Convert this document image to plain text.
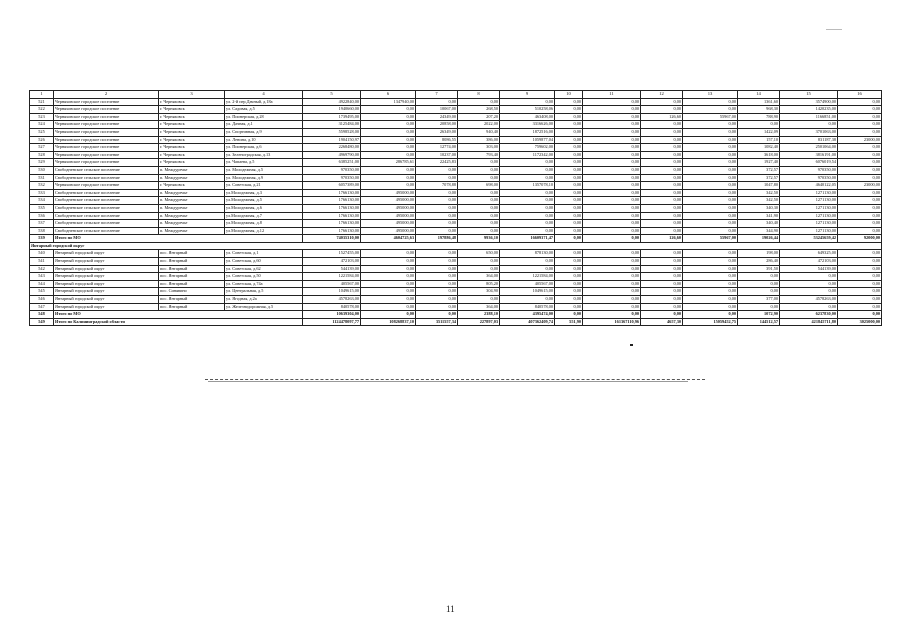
1	2	3	4	5	6	7	8	9	10	11	12	13	14	15	16
521	Черняховское городское поселение	г. Черняховск	ул. 2-й пер.Дачный, д.18а	4922840,00	1347940,00	0,00	0,00	0,00	0,00	0,00	0,00	0,00	1361,60	3574900,00	0,00
522	Черняховское городское поселение	г. Черняховск	ул. Садовая, д.5	1940660,00	0,00	10067,00	268,50	510258,06	0,00	0,00	0,00	0,00	968,30	1420235,00	0,00
523	Черняховское городское поселение	г. Черняховск	ул. Пионерская, д.28	1739495,00	0,00	24349,00	207,20	463408,00	0,00	0,00	126,60	55967,00	788,90	1166851,00	0,00
524	Черняховское городское поселение	г. Черняховск	ул. Дачная, д.1	3125484,00	0,00	20858,00	2022,00	3316626,00	0,00	0,00	0,00	0,00	0,00	0,00	0,00
525	Черняховское городское поселение	г. Черняховск	ул. Спортивная, д.9	5598528,00	0,00	26349,00	940,40	1872516,00	0,00	0,00	0,00	0,00	1422,09	3701063,00	0,00
526	Черняховское городское поселение	г. Черняховск	ул. Ленина, д.10	1904150,97	0,00	8086,55	386,00	1059877,04	0,00	0,00	0,00	0,00	157,10	831187,38	23000,00
527	Черняховское городское поселение	г. Черняховск	ул. Пионерская, д.6	2268480,00	0,00	12774,00	303,00	759602,00	0,00	0,00	0,00	0,00	1082,40	2501064,00	0,00
528	Черняховское городское поселение	г. Черняховск	ул. Зеленоградская, д.13	4969790,00	0,00	10237,00	793,40	1172342,00	0,00	0,00	0,00	0,00	3618,00	3816191,00	0,00
529	Черняховское городское поселение	г. Черняховск	ул. Чапаева, д.5	6385251,00	286785,61	22425,83	0,00	0,00	0,00	0,00	0,00	0,00	1927,40	6076019,54	0,00
530	Свободненское сельское поселение	п. Междуречье	ул. Молодежная, д.5	970350,00	0,00	0,00	0,00	0,00	0,00	0,00	0,00	0,00	372,57	970350,00	0,00
531	Свободненское сельское поселение	п. Междуречье	ул. Молодежная, д.9	970350,00	0,00	0,00	0,00	0,00	0,00	0,00	0,00	0,00	372,57	970350,00	0,00
532	Черняховское городское поселение	г. Черняховск	ул. Советская, д.21	6057389,00	0,00	7078,88	698,00	1357078,10	0,00	0,00	0,00	0,00	1047,80	4640122,05	23000,00
533	Свободненское сельское поселение	п. Междуречье	ул.Молодежная, д.3	1766130,00	495000,00	0,00	0,00	0,00	0,00	0,00	0,00	0,00	342,50	1271130,00	0,00
534	Свободненское сельское поселение	п. Междуречье	ул.Молодежная, д.5	1766130,00	495000,00	0,00	0,00	0,00	0,00	0,00	0,00	0,00	342,50	1271130,00	0,00
535	Свободненское сельское поселение	п. Междуречье	ул.Молодежная, д.6	1766130,00	495000,00	0,00	0,00	0,00	0,00	0,00	0,00	0,00	340,30	1271130,00	0,00
536	Свободненское сельское поселение	п. Междуречье	ул.Молодежная, д.7	1766130,00	495000,00	0,00	0,00	0,00	0,00	0,00	0,00	0,00	341,90	1271130,00	0,00
537	Свободненское сельское поселение	п. Междуречье	ул.Молодежная, д.8	1766130,00	495000,00	0,00	0,00	0,00	0,00	0,00	0,00	0,00	340,40	1271130,00	0,00
538	Свободненское сельское поселение	п. Междуречье	ул.Молодежная, д.12	1766130,00	495000,00	0,00	0,00	0,00	0,00	0,00	0,00	0,00	344,90	1271130,00	0,00
539	Итого по МО			74035310,00	4604725,63	197886,48	9936,10	16609371,47	0,00	0,00	126,60	55967,00	19026,44	53245659,42	92000,00
Янтарный городской округ															
540	Янтарный городской округ	пос. Янтарный	ул. Советская, д.1	1527455,00	0,00	0,00	650,00	878130,00	0,00	0,00	0,00	0,00	198,00	649325,00	0,00
541	Янтарный городской округ	пос. Янтарный	ул. Советская, д.60	472103,00	0,00	0,00	0,00	0,00	0,00	0,00	0,00	0,00	286,40	472103,00	0,00
542	Янтарный городской округ	пос. Янтарный	ул. Советская, д.62	544139,00	0,00	0,00	0,00	0,00	0,00	0,00	0,00	0,00	391,50	544139,00	0,00
543	Янтарный городской округ	пос. Янтарный	ул. Советская, д.50	1221584,00	0,00	0,00	364,00	1221584,00	0,00	0,00	0,00	0,00	0,00	0,00	0,00
544	Янтарный городской округ	пос. Янтарный	ул. Советская, д.74а	405567,00	0,00	0,00	805,20	405567,00	0,00	0,00	0,00	0,00	0,00	0,00	0,00
545	Янтарный городской округ	пос. Синявино	ул. Центральная, д.5	1049615,00	0,00	0,00	304,90	1049615,00	0,00	0,00	0,00	0,00	0,00	0,00	0,00
546	Янтарный городской округ	пос. Янтарный	ул. Ягодная, д.2а	4578263,00	0,00	0,00	0,00	0,00	0,00	0,00	0,00	0,00	377,00	4578263,00	0,00
547	Янтарный городской округ	пос. Янтарный	ул. Железнодорожная, д.5	840578,00	0,00	0,00	364,00	840578,00	0,00	0,00	0,00	0,00	0,00	0,00	0,00
548	Итого по МО			10639304,00	0,00	0,00	2388,10	4395474,00	0,00	0,00	0,00	0,00	1072,90	6237830,00	0,00
549	Итого по Калининградской области			1124478097,77	108268837,10	3511557,34	227897,03	407362409,74	551,90	161367110,96	4657,30	15059452,75	144512,57	421845711,80	3025000,00
11
